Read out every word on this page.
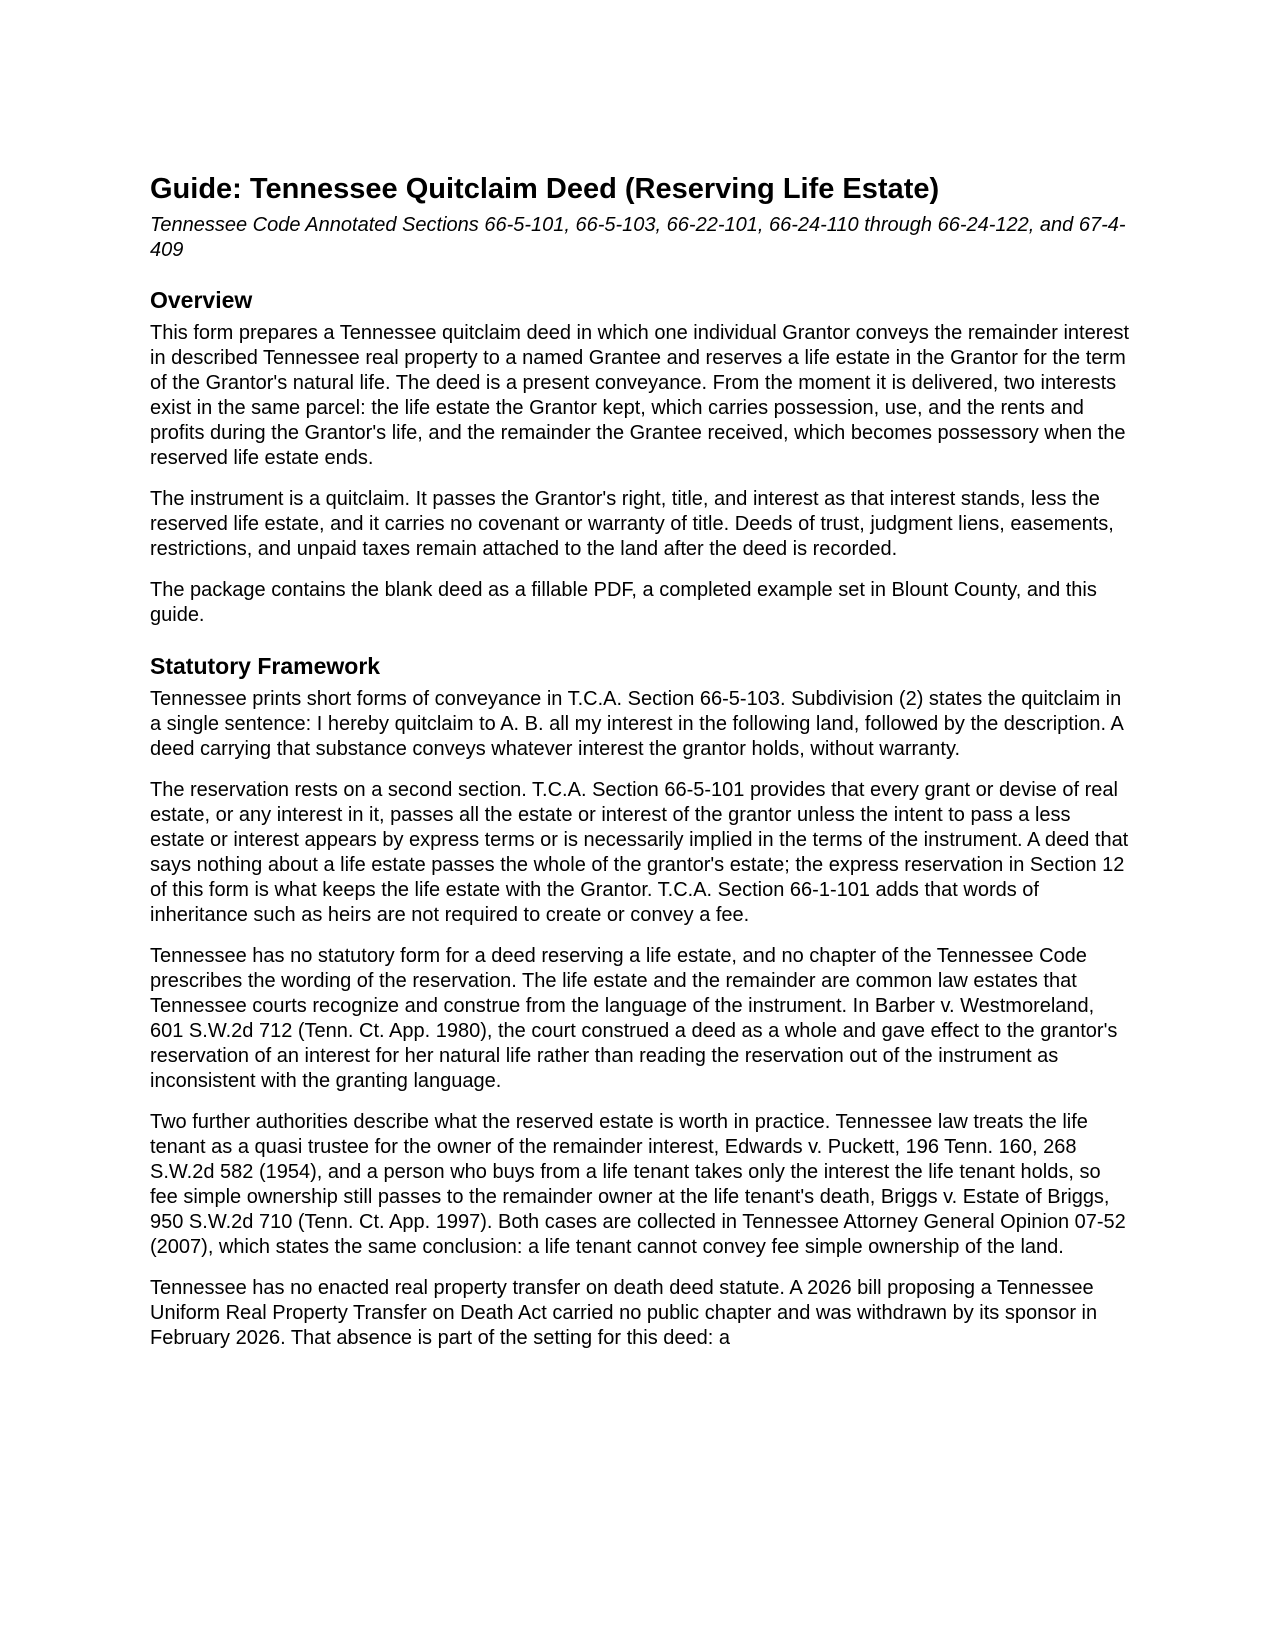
Guide: Tennessee Quitclaim Deed (Reserving Life Estate)

Tennessee Code Annotated Sections 66-5-101, 66-5-103, 66-22-101, 66-24-110 through 66-24-122, and 67-4-409

Overview

This form prepares a Tennessee quitclaim deed in which one individual Grantor conveys the remainder interest in described Tennessee real property to a named Grantee and reserves a life estate in the Grantor for the term of the Grantor's natural life. The deed is a present conveyance. From the moment it is delivered, two interests exist in the same parcel: the life estate the Grantor kept, which carries possession, use, and the rents and profits during the Grantor's life, and the remainder the Grantee received, which becomes possessory when the reserved life estate ends.

The instrument is a quitclaim. It passes the Grantor's right, title, and interest as that interest stands, less the reserved life estate, and it carries no covenant or warranty of title. Deeds of trust, judgment liens, easements, restrictions, and unpaid taxes remain attached to the land after the deed is recorded.

The package contains the blank deed as a fillable PDF, a completed example set in Blount County, and this guide.

Statutory Framework

Tennessee prints short forms of conveyance in T.C.A. Section 66-5-103. Subdivision (2) states the quitclaim in a single sentence: I hereby quitclaim to A. B. all my interest in the following land, followed by the description. A deed carrying that substance conveys whatever interest the grantor holds, without warranty.

The reservation rests on a second section. T.C.A. Section 66-5-101 provides that every grant or devise of real estate, or any interest in it, passes all the estate or interest of the grantor unless the intent to pass a less estate or interest appears by express terms or is necessarily implied in the terms of the instrument. A deed that says nothing about a life estate passes the whole of the grantor's estate; the express reservation in Section 12 of this form is what keeps the life estate with the Grantor. T.C.A. Section 66-1-101 adds that words of inheritance such as heirs are not required to create or convey a fee.

Tennessee has no statutory form for a deed reserving a life estate, and no chapter of the Tennessee Code prescribes the wording of the reservation. The life estate and the remainder are common law estates that Tennessee courts recognize and construe from the language of the instrument. In Barber v. Westmoreland, 601 S.W.2d 712 (Tenn. Ct. App. 1980), the court construed a deed as a whole and gave effect to the grantor's reservation of an interest for her natural life rather than reading the reservation out of the instrument as inconsistent with the granting language.

Two further authorities describe what the reserved estate is worth in practice. Tennessee law treats the life tenant as a quasi trustee for the owner of the remainder interest, Edwards v. Puckett, 196 Tenn. 160, 268 S.W.2d 582 (1954), and a person who buys from a life tenant takes only the interest the life tenant holds, so fee simple ownership still passes to the remainder owner at the life tenant's death, Briggs v. Estate of Briggs, 950 S.W.2d 710 (Tenn. Ct. App. 1997). Both cases are collected in Tennessee Attorney General Opinion 07-52 (2007), which states the same conclusion: a life tenant cannot convey fee simple ownership of the land.

Tennessee has no enacted real property transfer on death deed statute. A 2026 bill proposing a Tennessee Uniform Real Property Transfer on Death Act carried no public chapter and was withdrawn by its sponsor in February 2026. That absence is part of the setting for this deed: a
